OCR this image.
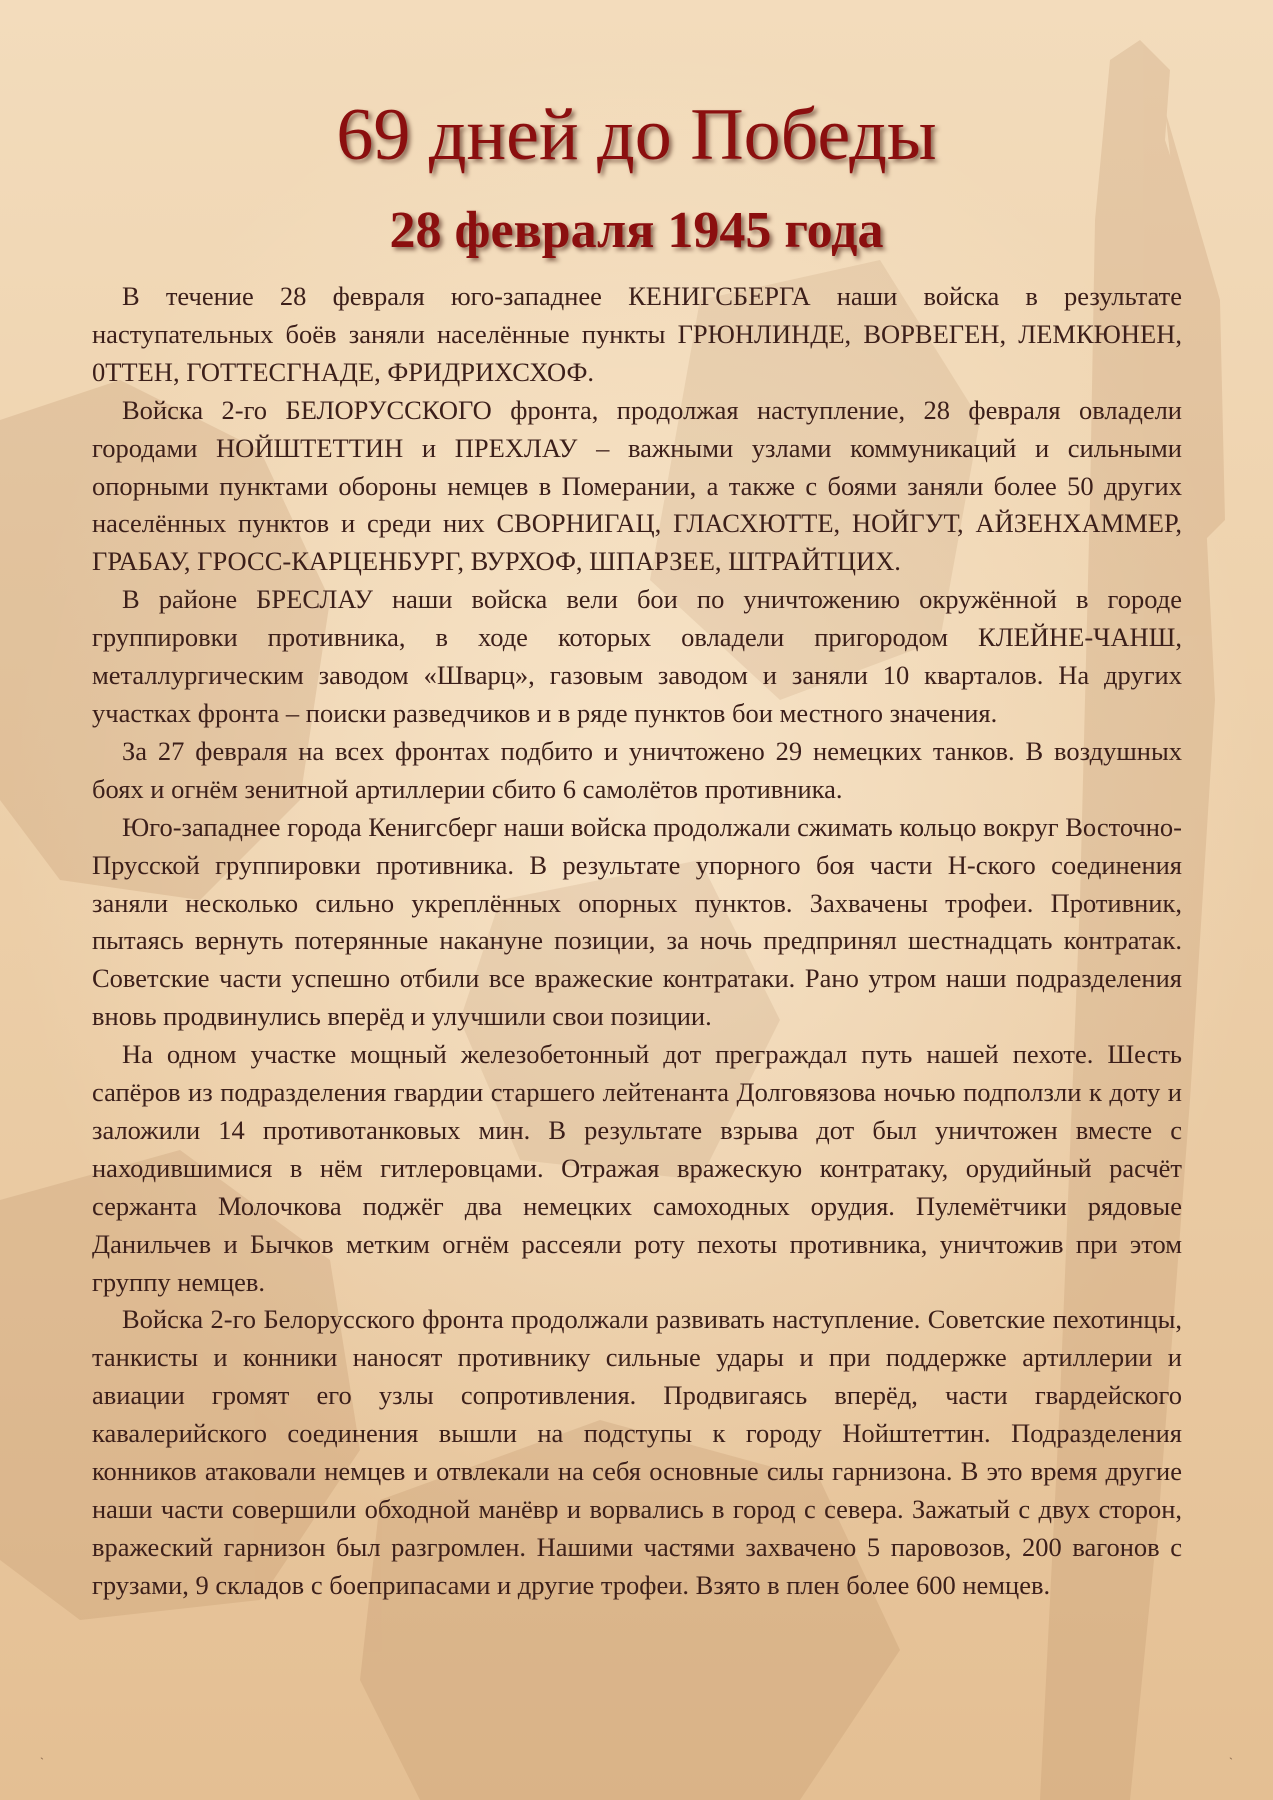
69 дней до Победы
28 февраля 1945 года

В течение 28 февраля юго-западнее КЕНИГСБЕРГА наши войска в результате наступательных боёв заняли населённые пункты ГРЮНЛИНДЕ, ВОРВЕГЕН, ЛЕМКЮНЕН, 0ТТЕН, ГОТТЕСГНАДЕ, ФРИДРИХСХОФ.

Войска 2-го БЕЛОРУССКОГО фронта, продолжая наступление, 28 февраля овладели городами НОЙШТЕТТИН и ПРЕХЛАУ – важными узлами коммуникаций и сильными опорными пунктами обороны немцев в Померании, а также с боями заняли более 50 других населённых пунктов и среди них СВОРНИГАЦ, ГЛАСХЮТТЕ, НОЙГУТ, АЙЗЕНХАММЕР, ГРАБАУ, ГРОСС-КАРЦЕНБУРГ, ВУРХОФ, ШПАРЗЕЕ, ШТРАЙТЦИХ.

В районе БРЕСЛАУ наши войска вели бои по уничтожению окружённой в городе группировки противника, в ходе которых овладели пригородом КЛЕЙНЕ-ЧАНШ, металлургическим заводом «Шварц», газовым заводом и заняли 10 кварталов. На других участках фронта – поиски разведчиков и в ряде пунктов бои местного значения.

За 27 февраля на всех фронтах подбито и уничтожено 29 немецких танков. В воздушных боях и огнём зенитной артиллерии сбито 6 самолётов противника.

Юго-западнее города Кенигсберг наши войска продолжали сжимать кольцо вокруг Восточно-Прусской группировки противника. В результате упорного боя части Н-ского соединения заняли несколько сильно укреплённых опорных пунктов. Захвачены трофеи. Противник, пытаясь вернуть потерянные накануне позиции, за ночь предпринял шестнадцать контратак. Советские части успешно отбили все вражеские контратаки. Рано утром наши подразделения вновь продвинулись вперёд и улучшили свои позиции.

На одном участке мощный железобетонный дот преграждал путь нашей пехоте. Шесть сапёров из подразделения гвардии старшего лейтенанта Долговязова ночью подползли к доту и заложили 14 противотанковых мин. В результате взрыва дот был уничтожен вместе с находившимися в нём гитлеровцами. Отражая вражескую контратаку, орудийный расчёт сержанта Молочкова поджёг два немецких самоходных орудия. Пулемётчики рядовые Данильчев и Бычков метким огнём рассеяли роту пехоты противника, уничтожив при этом группу немцев.

Войска 2-го Белорусского фронта продолжали развивать наступление. Советские пехотинцы, танкисты и конники наносят противнику сильные удары и при поддержке артиллерии и авиации громят его узлы сопротивления. Продвигаясь вперёд, части гвардейского кавалерийского соединения вышли на подступы к городу Нойштеттин. Подразделения конников атаковали немцев и отвлекали на себя основные силы гарнизона. В это время другие наши части совершили обходной манёвр и ворвались в город с севера. Зажатый с двух сторон, вражеский гарнизон был разгромлен. Нашими частями захвачено 5 паровозов, 200 вагонов с грузами, 9 складов с боеприпасами и другие трофеи. Взято в плен более 600 немцев.

`	`
